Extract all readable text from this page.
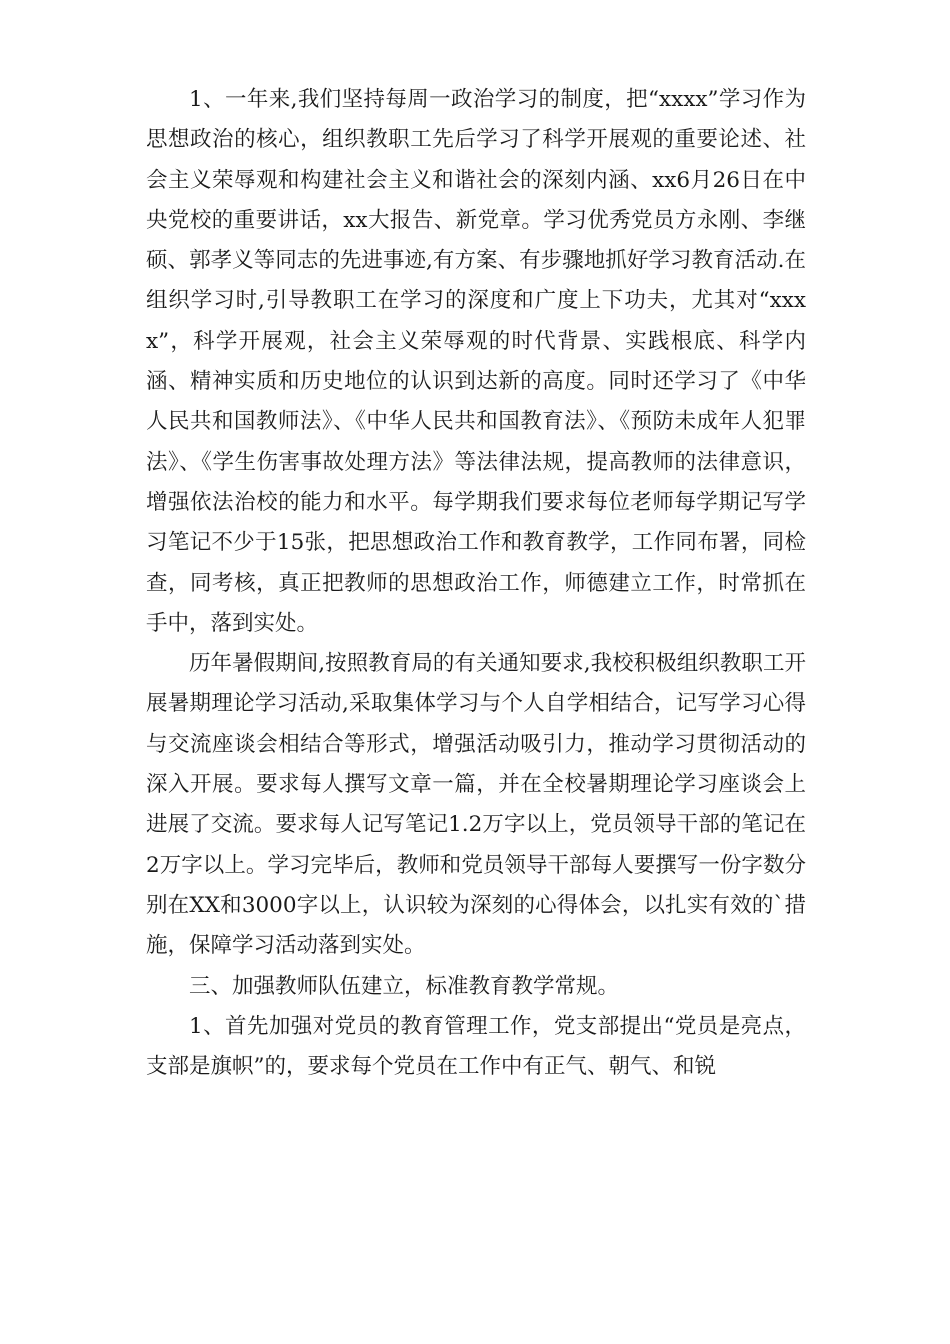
1、一年来,我们坚持每周一政治学习的制度，把“xxxx”学习作为思想政治的核心，组织教职工先后学习了科学开展观的重要论述、社会主义荣辱观和构建社会主义和谐社会的深刻内涵、xx6月26日在中央党校的重要讲话，xx大报告、新党章。学习优秀党员方永刚、李继硕、郭孝义等同志的先进事迹,有方案、有步骤地抓好学习教育活动.在组织学习时,引导教职工在学习的深度和广度上下功夫，尤其对“xxxx”，科学开展观，社会主义荣辱观的时代背景、实践根底、科学内涵、精神实质和历史地位的认识到达新的高度。同时还学习了《中华人民共和国教师法》、《中华人民共和国教育法》、《预防未成年人犯罪法》、《学生伤害事故处理方法》等法律法规，提高教师的法律意识，增强依法治校的能力和水平。每学期我们要求每位老师每学期记写学习笔记不少于15张，把思想政治工作和教育教学，工作同布署，同检查，同考核，真正把教师的思想政治工作，师德建立工作，时常抓在手中，落到实处。

历年暑假期间,按照教育局的有关通知要求,我校积极组织教职工开展暑期理论学习活动,采取集体学习与个人自学相结合，记写学习心得与交流座谈会相结合等形式，增强活动吸引力，推动学习贯彻活动的深入开展。要求每人撰写文章一篇，并在全校暑期理论学习座谈会上进展了交流。要求每人记写笔记1.2万字以上，党员领导干部的笔记在2万字以上。学习完毕后，教师和党员领导干部每人要撰写一份字数分别在XX和3000字以上，认识较为深刻的心得体会，以扎实有效的`措施，保障学习活动落到实处。

三、加强教师队伍建立，标准教育教学常规。

1、首先加强对党员的教育管理工作，党支部提出“党员是亮点，支部是旗帜”的，要求每个党员在工作中有正气、朝气、和锐
